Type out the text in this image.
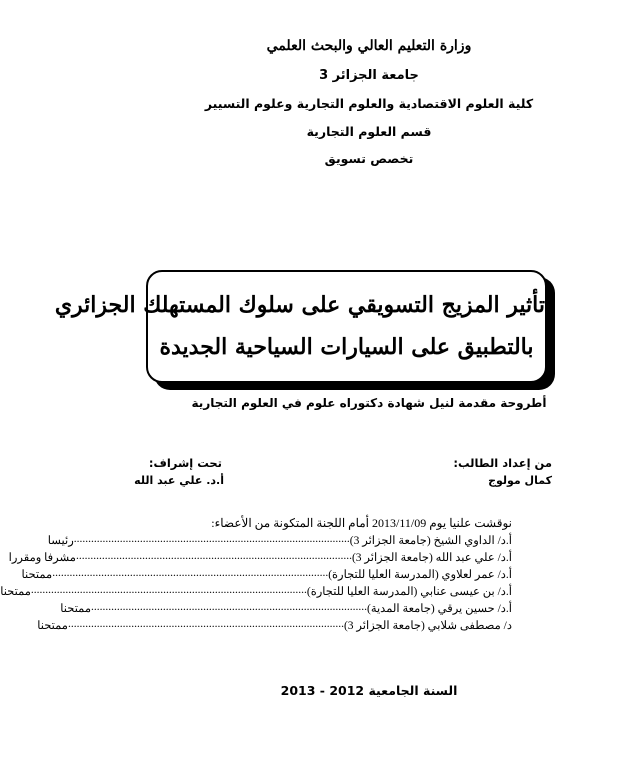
وزارة التعليم العالي والبحث العلمي
جامعة الجزائر 3
كلية العلوم الاقتصادية والعلوم التجارية وعلوم التسيير
قسم العلوم التجارية
تخصص تسويق
تأثير المزيج التسويقي على سلوك المستهلك الجزائري
بالتطبيق على السيارات السياحية الجديدة
أطروحة مقدمة لنيل شهادة دكتوراه علوم في العلوم التجارية
من إعداد الطالب:
كمال مولوج
تحت إشراف:
أ.د. علي عبد الله
نوقشت علنيا يوم 2013/11/09 أمام اللجنة المتكونة من الأعضاء:
أ.د/ الداوي الشيخ (جامعة الجزائر 3)
................................................................................................
رئيسا
أ.د/ علي عبد الله (جامعة الجزائر 3)
................................................................................................
مشرفا ومقررا
أ.د/ عمر لعلاوي (المدرسة العليا للتجارة)
................................................................................................
ممتحنا
أ.د/ بن عيسى عنابي (المدرسة العليا للتجارة)
................................................................................................
ممتحنا
أ.د/ حسين يرقي (جامعة المدية)
................................................................................................
ممتحنا
د/ مصطفى شلابي (جامعة الجزائر 3)
................................................................................................
ممتحنا
السنة الجامعية 2012 - 2013
